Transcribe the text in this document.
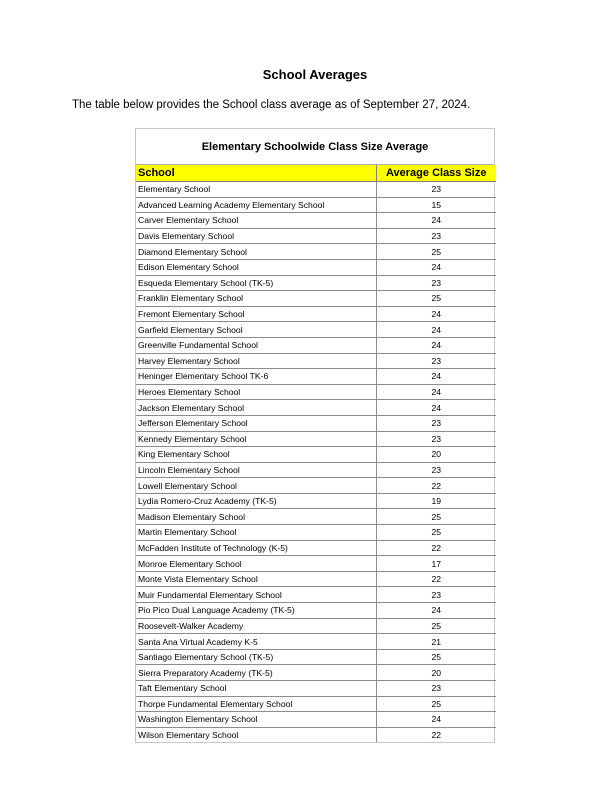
School Averages
The table below provides the School class average as of September 27, 2024.
Elementary Schoolwide Class Size Average
School	Average Class Size
Elementary School	23
Advanced Learning Academy Elementary School	15
Carver Elementary School	24
Davis Elementary School	23
Diamond Elementary School	25
Edison Elementary School	24
Esqueda Elementary School (TK-5)	23
Franklin Elementary School	25
Fremont Elementary School	24
Garfield Elementary School	24
Greenville Fundamental School	24
Harvey Elementary School	23
Heninger Elementary School TK-6	24
Heroes Elementary School	24
Jackson Elementary School	24
Jefferson Elementary School	23
Kennedy Elementary School	23
King Elementary School	20
Lincoln Elementary School	23
Lowell Elementary School	22
Lydia Romero-Cruz Academy (TK-5)	19
Madison Elementary School	25
Martin Elementary School	25
McFadden Institute of Technology (K-5)	22
Monroe Elementary School	17
Monte Vista Elementary School	22
Muir Fundamental Elementary School	23
Pio Pico Dual Language Academy (TK-5)	24
Roosevelt-Walker Academy	25
Santa Ana Virtual Academy K-5	21
Santiago Elementary School (TK-5)	25
Sierra Preparatory Academy (TK-5)	20
Taft Elementary School	23
Thorpe Fundamental Elementary School	25
Washington Elementary School	24
Wilson Elementary School	22
